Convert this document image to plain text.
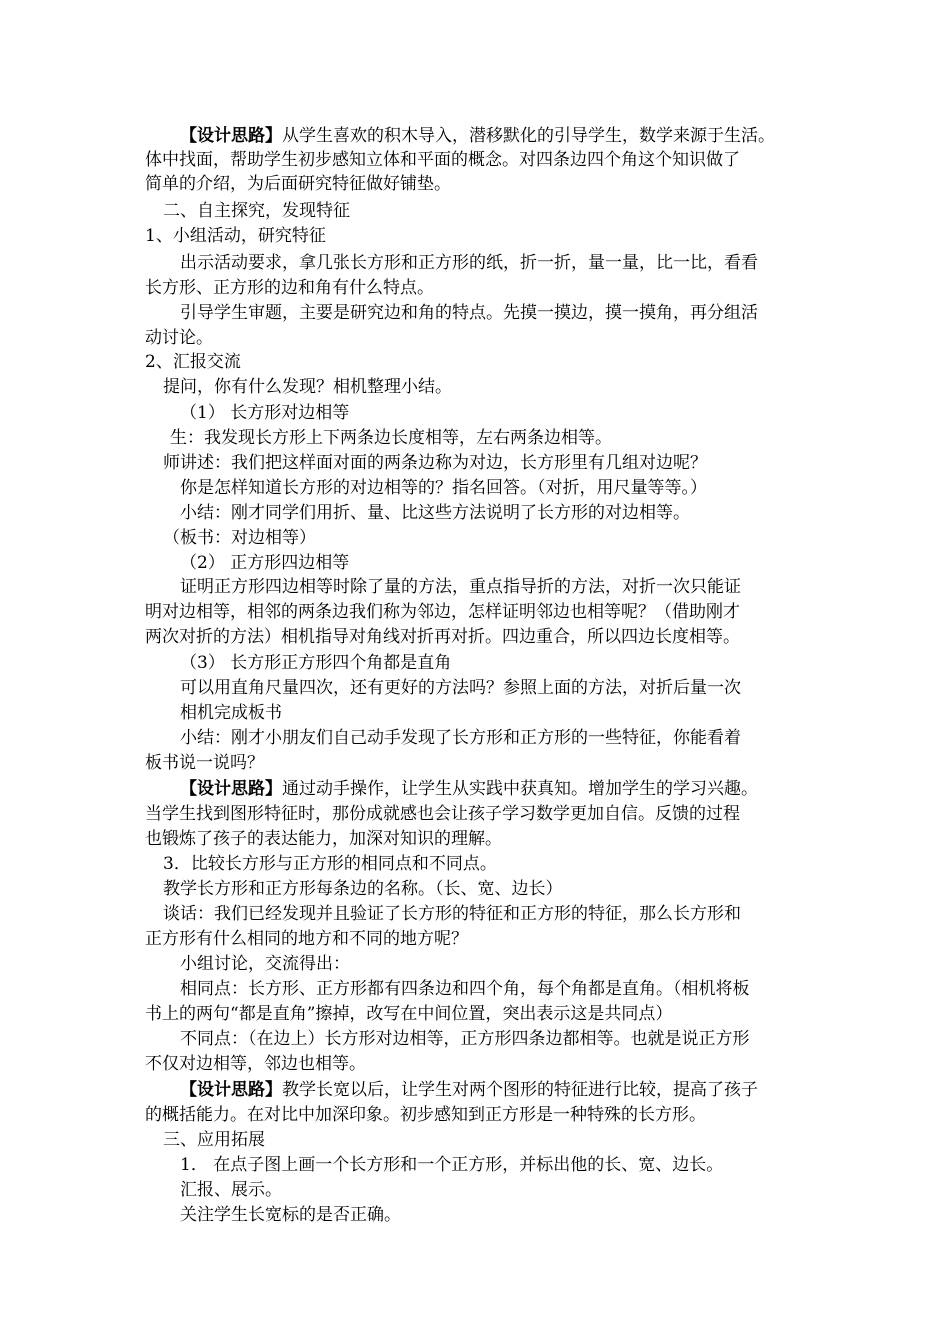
【设计思路】从学生喜欢的积木导入，潜移默化的引导学生，数学来源于生活。
体中找面，帮助学生初步感知立体和平面的概念。对四条边四个角这个知识做了
简单的介绍，为后面研究特征做好铺垫。
二、自主探究，发现特征
1、小组活动，研究特征
出示活动要求，拿几张长方形和正方形的纸，折一折，量一量，比一比，看看
长方形、正方形的边和角有什么特点。
引导学生审题，主要是研究边和角的特点。先摸一摸边，摸一摸角，再分组活
动讨论。
2、汇报交流
提问，你有什么发现？相机整理小结。
（1） 长方形对边相等
生：我发现长方形上下两条边长度相等，左右两条边相等。
师讲述：我们把这样面对面的两条边称为对边，长方形里有几组对边呢？
你是怎样知道长方形的对边相等的？指名回答。（对折，用尺量等等。）
小结：刚才同学们用折、量、比这些方法说明了长方形的对边相等。
（板书：对边相等）
（2） 正方形四边相等
证明正方形四边相等时除了量的方法，重点指导折的方法，对折一次只能证
明对边相等，相邻的两条边我们称为邻边，怎样证明邻边也相等呢？（借助刚才
两次对折的方法）相机指导对角线对折再对折。四边重合，所以四边长度相等。
（3） 长方形正方形四个角都是直角
可以用直角尺量四次，还有更好的方法吗？参照上面的方法，对折后量一次
相机完成板书
小结：刚才小朋友们自己动手发现了长方形和正方形的一些特征，你能看着
板书说一说吗？
【设计思路】通过动手操作，让学生从实践中获真知。增加学生的学习兴趣。
当学生找到图形特征时，那份成就感也会让孩子学习数学更加自信。反馈的过程
也锻炼了孩子的表达能力，加深对知识的理解。
3．比较长方形与正方形的相同点和不同点。
教学长方形和正方形每条边的名称。（长、宽、边长）
谈话：我们已经发现并且验证了长方形的特征和正方形的特征，那么长方形和
正方形有什么相同的地方和不同的地方呢？
小组讨论，交流得出：
相同点：长方形、正方形都有四条边和四个角，每个角都是直角。（相机将板
书上的两句“都是直角”擦掉，改写在中间位置，突出表示这是共同点）
不同点：（在边上）长方形对边相等，正方形四条边都相等。也就是说正方形
不仅对边相等，邻边也相等。
【设计思路】教学长宽以后，让学生对两个图形的特征进行比较，提高了孩子
的概括能力。在对比中加深印象。初步感知到正方形是一种特殊的长方形。
三、应用拓展
1． 在点子图上画一个长方形和一个正方形，并标出他的长、宽、边长。
汇报、展示。
关注学生长宽标的是否正确。
